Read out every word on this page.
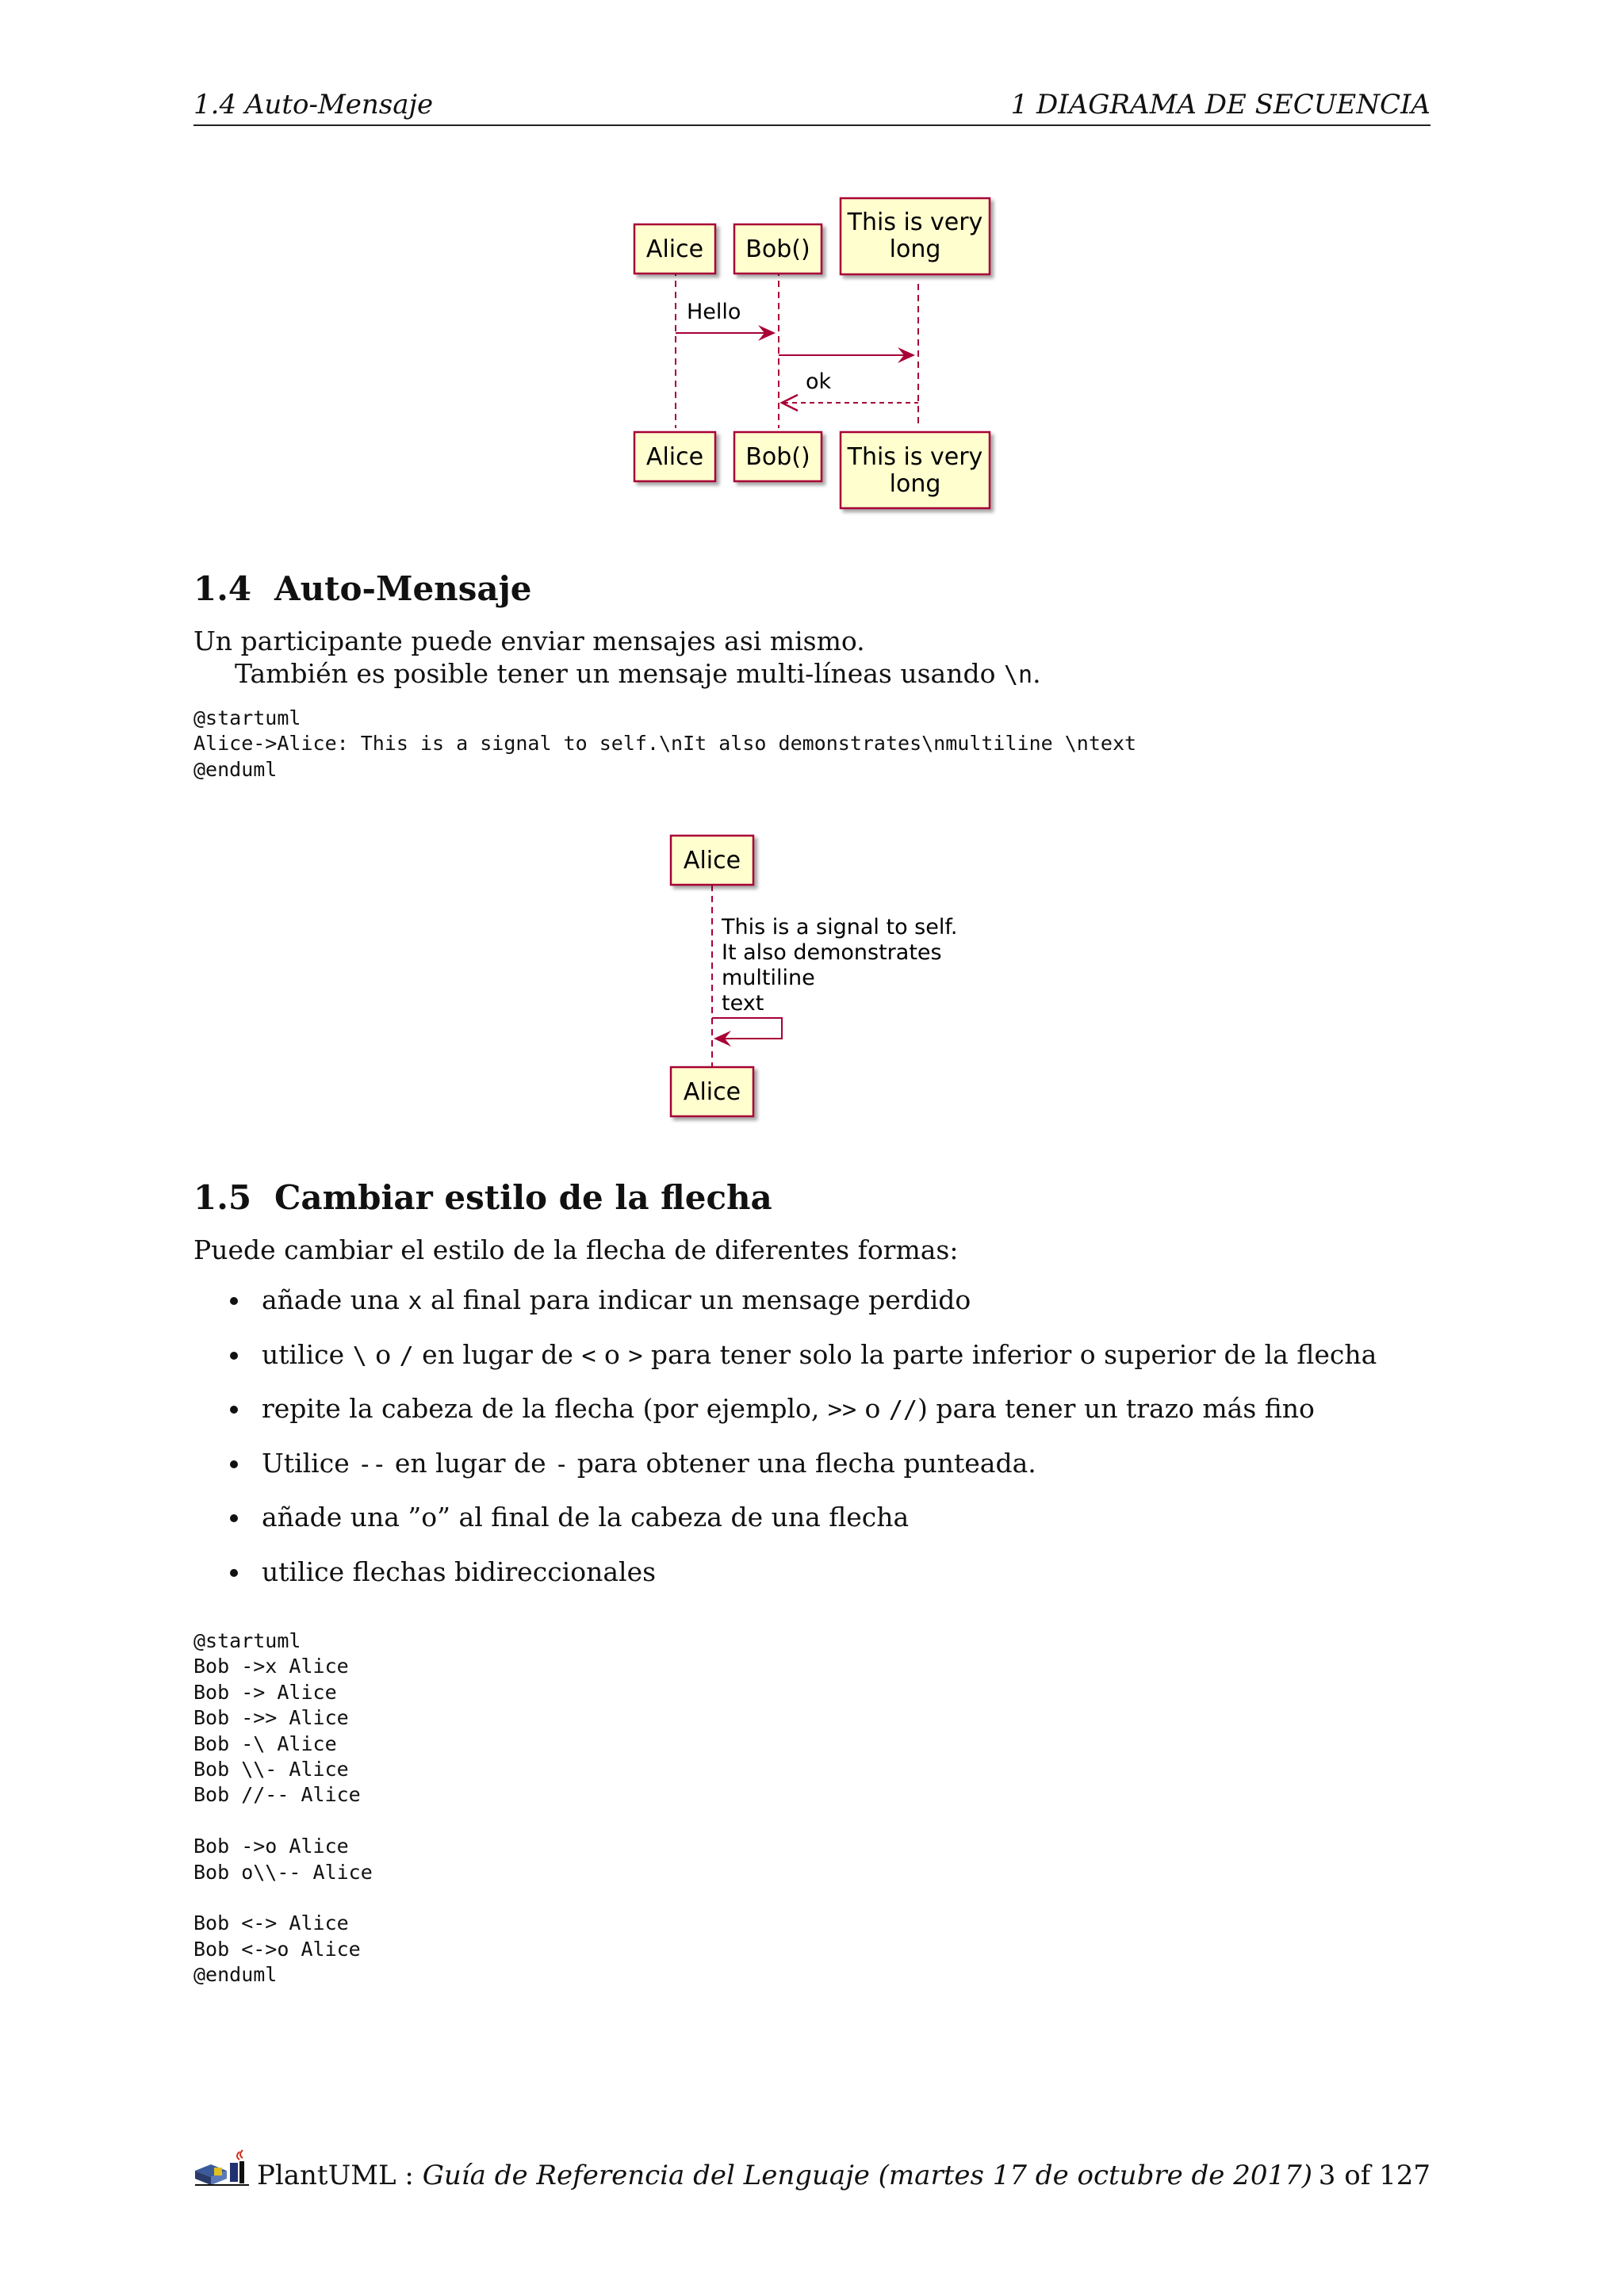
1.4 Auto-Mensaje	1 DIAGRAMA DE SECUENCIA
Alice Bob()
This is very
long
Hello
ok
Alice Bob() This is very
long
1.4 Auto-Mensaje
Un participante puede enviar mensajes asi mismo.
También es posible tener un mensaje multi-líneas usando \n.
@startuml
Alice->Alice: This is a signal to self.\nIt also demonstrates\nmultiline \ntext
@enduml
Alice
This is a signal to self.
It also demonstrates
multiline
text
Alice
1.5 Cambiar estilo de la flecha
Puede cambiar el estilo de la flecha de diferentes formas:
añade una x al final para indicar un mensage perdido
utilice \ o / en lugar de < o > para tener solo la parte inferior o superior de la flecha
repite la cabeza de la flecha (por ejemplo, >> o //) para tener un trazo más fino
Utilice -- en lugar de - para obtener una flecha punteada.
añade una ”o” al final de la cabeza de una flecha
utilice flechas bidireccionales
@startuml
Bob ->x Alice
Bob -> Alice
Bob ->> Alice
Bob -\ Alice
Bob \\- Alice
Bob //-- Alice

Bob ->o Alice
Bob o\\-- Alice

Bob <-> Alice
Bob <->o Alice
@enduml
PlantUML : Guía de Referencia del Lenguaje (martes 17 de octubre de 2017) 3 of 127
